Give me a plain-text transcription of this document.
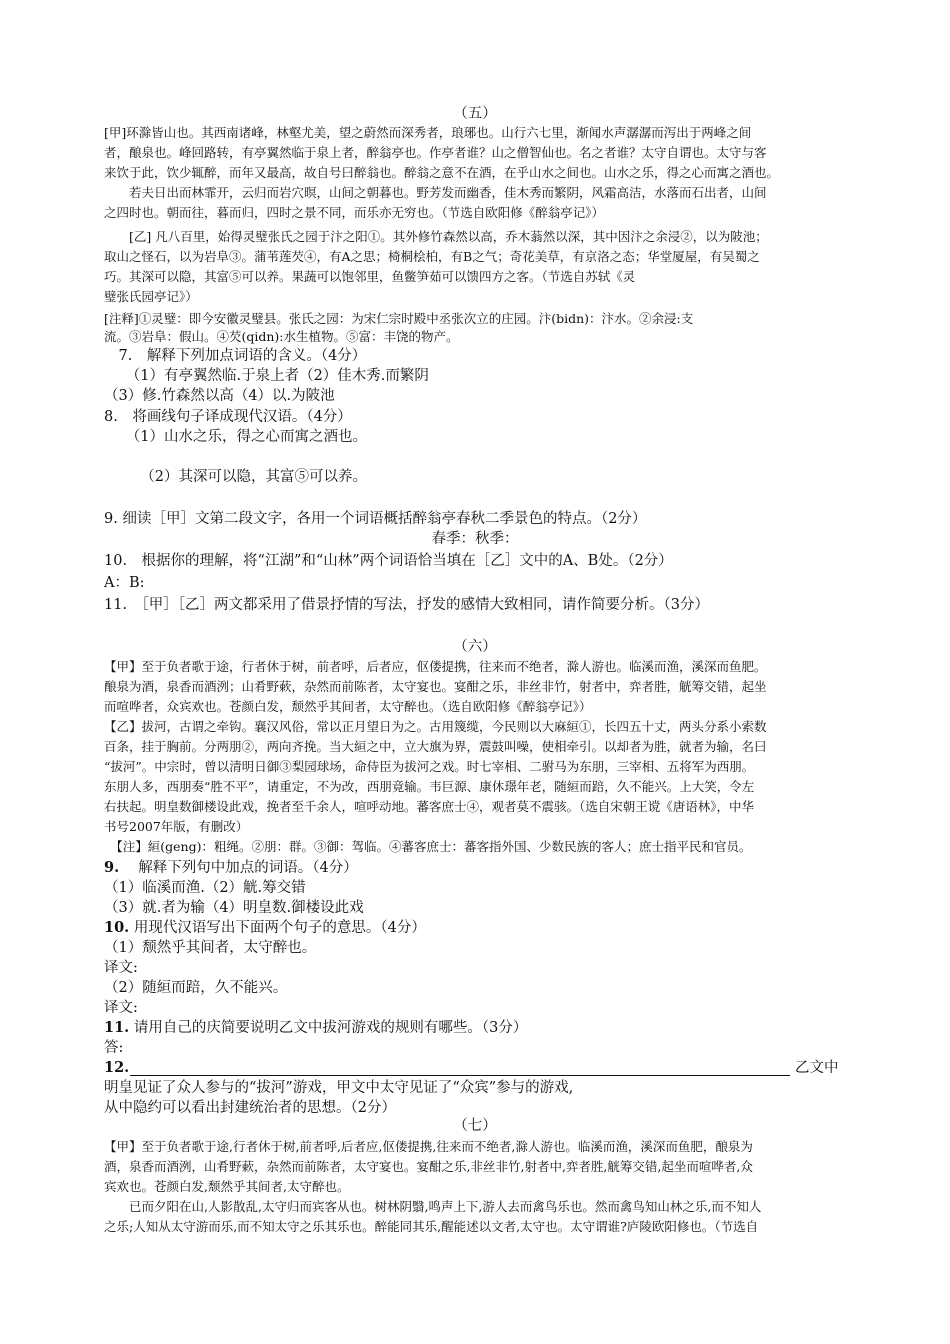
（五）

[甲]环滁皆山也。其西南诸峰，林壑尤美，望之蔚然而深秀者，琅琊也。山行六七里，渐闻水声潺潺而泻出于两峰之间

者，酿泉也。峰回路转，有亭翼然临于泉上者，醉翁亭也。作亭者谁？山之僧智仙也。名之者谁？太守自谓也。太守与客

来饮于此，饮少辄醉，而年又最高，故自号曰醉翁也。醉翁之意不在酒，在乎山水之间也。山水之乐，得之心而寓之酒也。

　　若夫日出而林霏开，云归而岩穴暝，山间之朝暮也。野芳发而幽香，佳木秀而繁阴，风霜高洁，水落而石出者，山间

之四时也。朝而往，暮而归，四时之景不同，而乐亦无穷也。（节选自欧阳修《醉翁亭记》）

　　[乙] 凡八百里，始得灵璧张氏之园于汴之阳①。其外修竹森然以高，乔木蓊然以深，其中因汴之余浸②，以为陂池；

取山之怪石，以为岩阜③。蒲苇莲芡④，有A之思；椅桐桧柏，有B之气；奇花美草，有京洛之态；华堂厦屋，有吴蜀之

巧。其深可以隐，其富⑤可以养。果蔬可以饱邻里，鱼鳖笋茹可以馈四方之客。（节选自苏轼《灵

璧张氏园亭记》）

[注释]①灵璧：即今安徽灵璧县。张氏之园：为宋仁宗时殿中丞张次立的庄园。汴(bidn)：汴水。②余浸:支

流。③岩阜：假山。④芡(qidn):水生植物。⑤富：丰饶的物产。

　7.　解释下列加点词语的含义。（4分）

　　（1）有亭翼然临.于泉上者（2）佳木秀.而繁阴

（3）修.竹森然以高（4）以.为陂池

8.　将画线句子译成现代汉语。（4分）

　　（1）山水之乐，得之心而寓之酒也。

　　　（2）其深可以隐，其富⑤可以养。

9. 细读［甲］文第二段文字，各用一个词语概括醉翁亭春秋二季景色的特点。（2分）

春季：秋季：

10.　根据你的理解，将“江湖”和“山林”两个词语恰当填在［乙］文中的A、B处。（2分）

A：B:

11.　［甲］［乙］两文都采用了借景抒情的写法，抒发的感情大致相同，请作简要分析。（3分）

（六）

【甲】至于负者歌于途，行者休于树，前者呼，后者应，伛偻提携，往来而不绝者，滁人游也。临溪而渔，溪深而鱼肥。

酿泉为酒，泉香而酒洌；山肴野蔌，杂然而前陈者，太守宴也。宴酣之乐，非丝非竹，射者中，弈者胜，觥筹交错，起坐

而喧哗者，众宾欢也。苍颜白发，颓然乎其间者，太守醉也。（选自欧阳修《醉翁亭记》）

【乙】拔河，古谓之牵钩。襄汉风俗，常以正月望日为之。古用篾缆，今民则以大麻絙①，长四五十丈，两头分系小索数

百条，挂于胸前。分两朋②，两向齐挽。当大絙之中，立大旗为界，震鼓叫噪，使相牵引。以却者为胜，就者为输，名曰

“拔河”。中宗时，曾以清明日御③梨园球场，命侍臣为拔河之戏。时七宰相、二驸马为东朋，三宰相、五将军为西朋。

东朋人多，西朋奏“胜不平”，请重定，不为改，西朋竟输。韦巨源、康休璟年老，随絙而踣，久不能兴。上大笑，令左

右扶起。明皇数御楼设此戏，挽者至千余人，喧呼动地。蕃客庶士④，观者莫不震骇。（选自宋朝王谠《唐语林》，中华

书号2007年版，有删改）

　【注】絙(geng)：粗绳。②朋：群。③御：驾临。④蕃客庶士：蕃客指外国、少数民族的客人；庶士指平民和官员。

9.　 解释下列句中加点的词语。（4分）

（1）临溪而渔.（2）觥.筹交错

（3）就.者为输（4）明皇数.御楼设此戏

10. 用现代汉语写出下面两个句子的意思。（4分）

（1）颓然乎其间者，太守醉也。

译文:

（2）随絙而踣，久不能兴。

译文:

11. 请用自己的庆简要说明乙文中拔河游戏的规则有哪些。（3分）

答:

12.	乙文中

明皇见证了众人参与的“拔河”游戏，甲文中太守见证了“众宾”参与的游戏,

从中隐约可以看出封建统治者的思想。（2分）

（七）

【甲】至于负者歌于途,行者休于树,前者呼,后者应,伛偻提携,往来而不绝者,滁人游也。临溪而渔，溪深而鱼肥，酿泉为

酒，泉香而酒洌，山肴野蔌，杂然而前陈者，太守宴也。宴酣之乐,非丝非竹,射者中,弈者胜,觥筹交错,起坐而喧哗者,众

宾欢也。苍颜白发,颓然乎其间者,太守醉也。

　　已而夕阳在山,人影散乱,太守归而宾客从也。树林阴翳,鸣声上下,游人去而禽鸟乐也。然而禽鸟知山林之乐,而不知人

之乐;人知从太守游而乐,而不知太守之乐其乐也。醉能同其乐,醒能述以文者,太守也。太守谓谁?庐陵欧阳修也。（节选自
